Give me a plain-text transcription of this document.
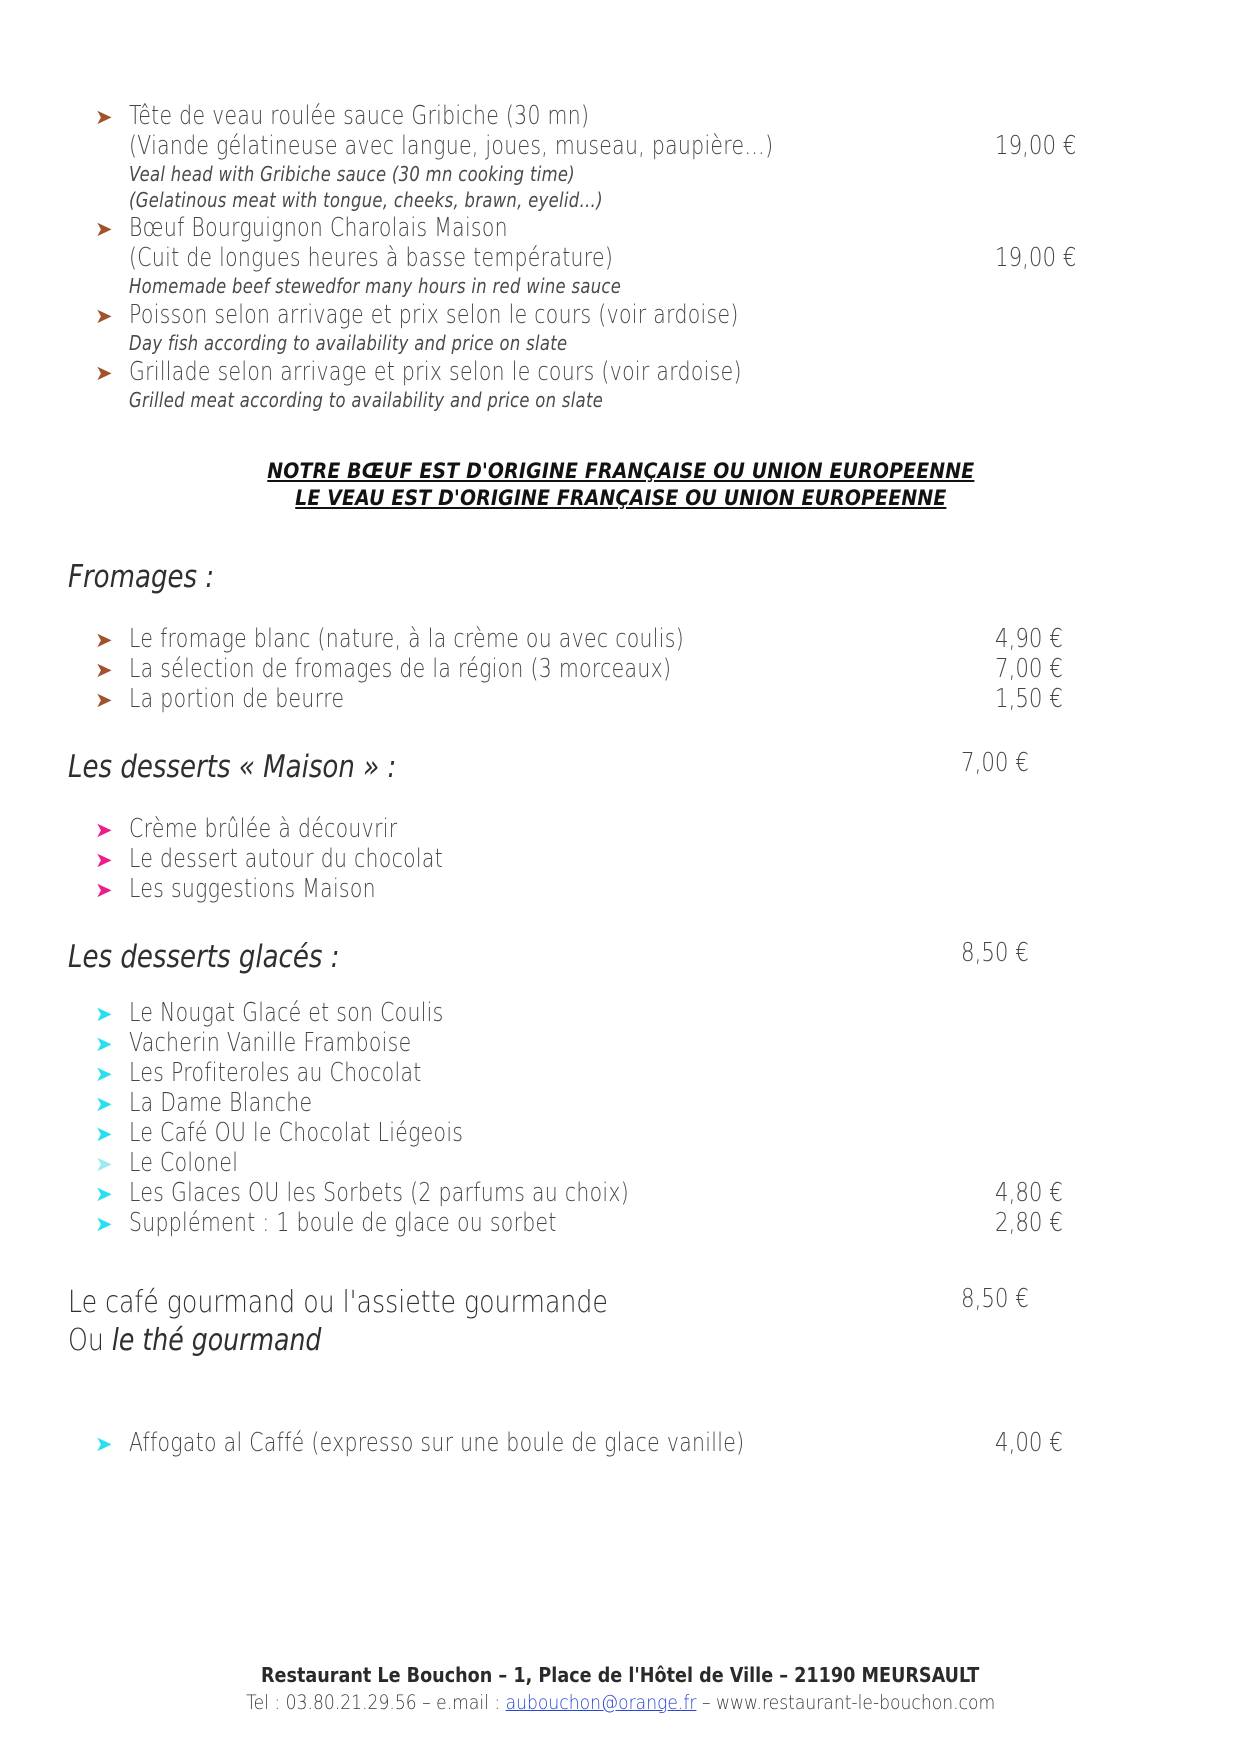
➤ Tête de veau roulée sauce Gribiche (30 mn)
(Viande gélatineuse avec langue, joues, museau, paupière…)	19,00 €
Veal head with Gribiche sauce (30 mn cooking time)
(Gelatinous meat with tongue, cheeks, brawn, eyelid…)
➤ Bœuf Bourguignon Charolais Maison
(Cuit de longues heures à basse température)	19,00 €
Homemade beef stewedfor many hours in red wine sauce
➤ Poisson selon arrivage et prix selon le cours (voir ardoise)
Day fish according to availability and price on slate
➤ Grillade selon arrivage et prix selon le cours (voir ardoise)
Grilled meat according to availability and price on slate
NOTRE BŒUF EST D'ORIGINE FRANÇAISE OU UNION EUROPEENNE
LE VEAU EST D'ORIGINE FRANÇAISE OU UNION EUROPEENNE
Fromages :
➤ Le fromage blanc (nature, à la crème ou avec coulis)	4,90 €
➤ La sélection de fromages de la région (3 morceaux)	7,00 €
➤ La portion de beurre	1,50 €
Les desserts « Maison » :	7,00 €
➤ Crème brûlée à découvrir
➤ Le dessert autour du chocolat
➤ Les suggestions Maison
Les desserts glacés :	8,50 €
➤ Le Nougat Glacé et son Coulis
➤ Vacherin Vanille Framboise
➤ Les Profiteroles au Chocolat
➤ La Dame Blanche
➤ Le Café OU le Chocolat Liégeois
➤ Le Colonel
➤ Les Glaces OU les Sorbets (2 parfums au choix)	4,80 €
➤ Supplément : 1 boule de glace ou sorbet	2,80 €
Le café gourmand ou l'assiette gourmande	8,50 €
Ou le thé gourmand
➤ Affogato al Caffé (expresso sur une boule de glace vanille)	4,00 €
Restaurant Le Bouchon – 1, Place de l'Hôtel de Ville – 21190 MEURSAULT
Tel : 03.80.21.29.56 – e.mail : aubouchon@orange.fr – www.restaurant-le-bouchon.com
